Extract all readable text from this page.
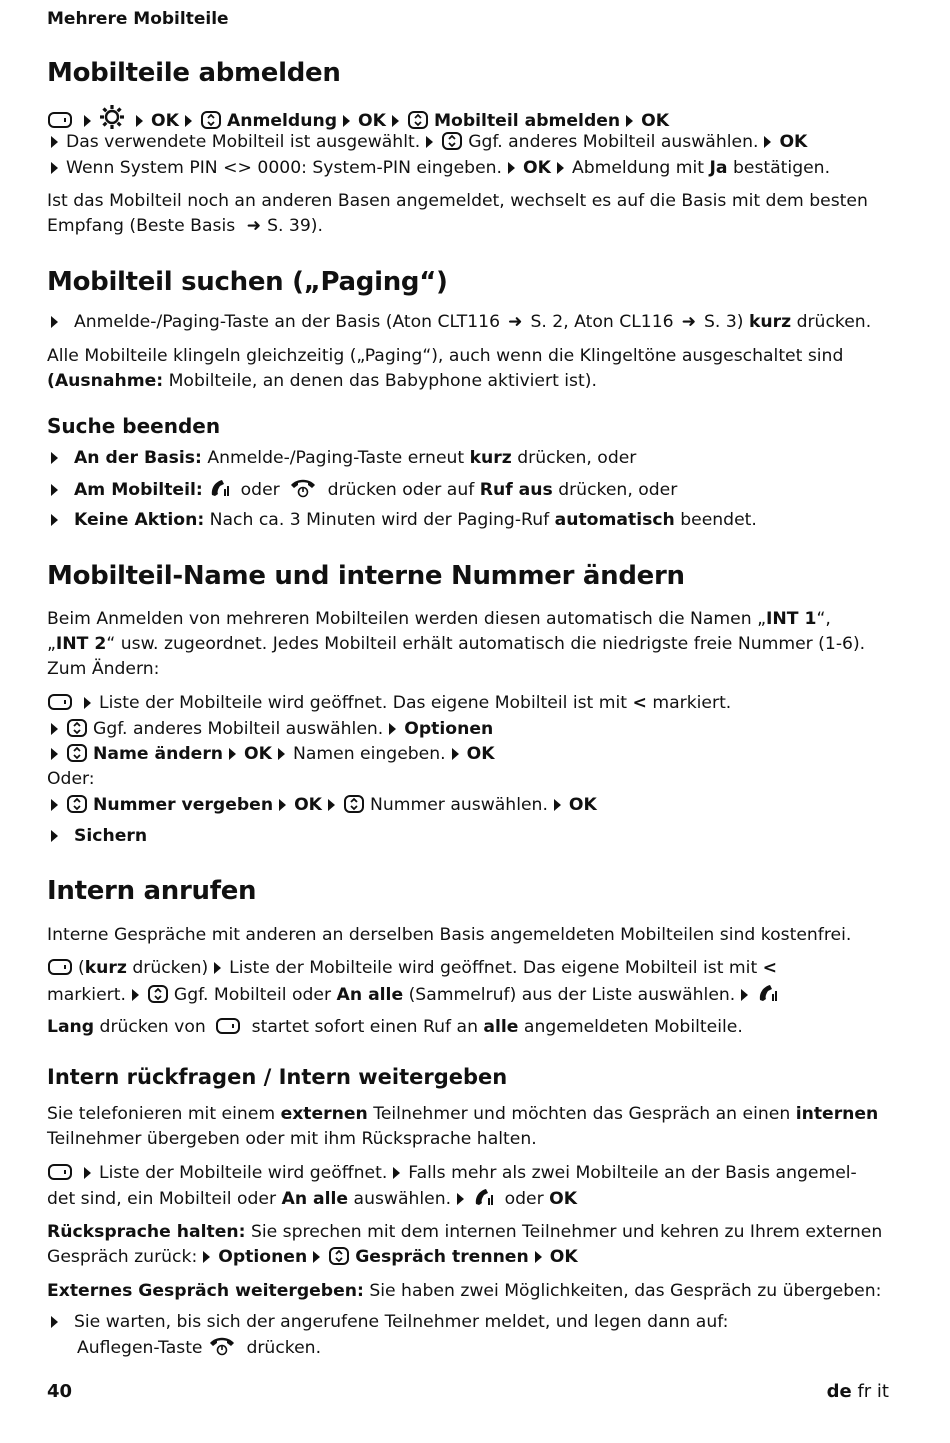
Mehrere Mobilteile
Mobilteile abmelden
OK	Anmeldung OK	Mobilteil abmelden OK
Das verwendete Mobilteil ist ausgewählt.	Ggf. anderes Mobilteil auswählen. OK
Wenn System PIN <> 0000: System-PIN eingeben. OK Abmeldung mit Ja bestätigen.
Ist das Mobilteil noch an anderen Basen angemeldet, wechselt es auf die Basis mit dem besten
Empfang (Beste Basis ➜ S. 39).
Mobilteil suchen („Paging“)
Anmelde-/Paging-Taste an der Basis (Aton CLT116 ➜ S. 2, Aton CL116 ➜ S. 3) kurz drücken.
Alle Mobilteile klingeln gleichzeitig („Paging“), auch wenn die Klingeltöne ausgeschaltet sind
(Ausnahme: Mobilteile, an denen das Babyphone aktiviert ist).
Suche beenden
An der Basis: Anmelde-/Paging-Taste erneut kurz drücken, oder
Am Mobilteil:  oder  drücken oder auf Ruf aus drücken, oder
Keine Aktion: Nach ca. 3 Minuten wird der Paging-Ruf automatisch beendet.
Mobilteil-Name und interne Nummer ändern
Beim Anmelden von mehreren Mobilteilen werden diesen automatisch die Namen „INT 1“,
„INT 2“ usw. zugeordnet. Jedes Mobilteil erhält automatisch die niedrigste freie Nummer (1-6).
Zum Ändern:
Liste der Mobilteile wird geöffnet. Das eigene Mobilteil ist mit < markiert.
Ggf. anderes Mobilteil auswählen. Optionen
Name ändern OK Namen eingeben. OK
Oder:
Nummer vergeben OK	Nummer auswählen. OK
Sichern
Intern anrufen
Interne Gespräche mit anderen an derselben Basis angemeldeten Mobilteilen sind kostenfrei.
(kurz drücken) Liste der Mobilteile wird geöffnet. Das eigene Mobilteil ist mit <
markiert.	Ggf. Mobilteil oder An alle (Sammelruf) aus der Liste auswählen.
Lang drücken von  startet sofort einen Ruf an alle angemeldeten Mobilteile.
Intern rückfragen / Intern weitergeben
Sie telefonieren mit einem externen Teilnehmer und möchten das Gespräch an einen internen
Teilnehmer übergeben oder mit ihm Rücksprache halten.
Liste der Mobilteile wird geöffnet. Falls mehr als zwei Mobilteile an der Basis angemel-
det sind, ein Mobilteil oder An alle auswählen.	oder OK
Rücksprache halten: Sie sprechen mit dem internen Teilnehmer und kehren zu Ihrem externen
Gespräch zurück: Optionen	Gespräch trennen OK
Externes Gespräch weitergeben: Sie haben zwei Möglichkeiten, das Gespräch zu übergeben:
Sie warten, bis sich der angerufene Teilnehmer meldet, und legen dann auf:
Auflegen-Taste  drücken.
40	de fr it
